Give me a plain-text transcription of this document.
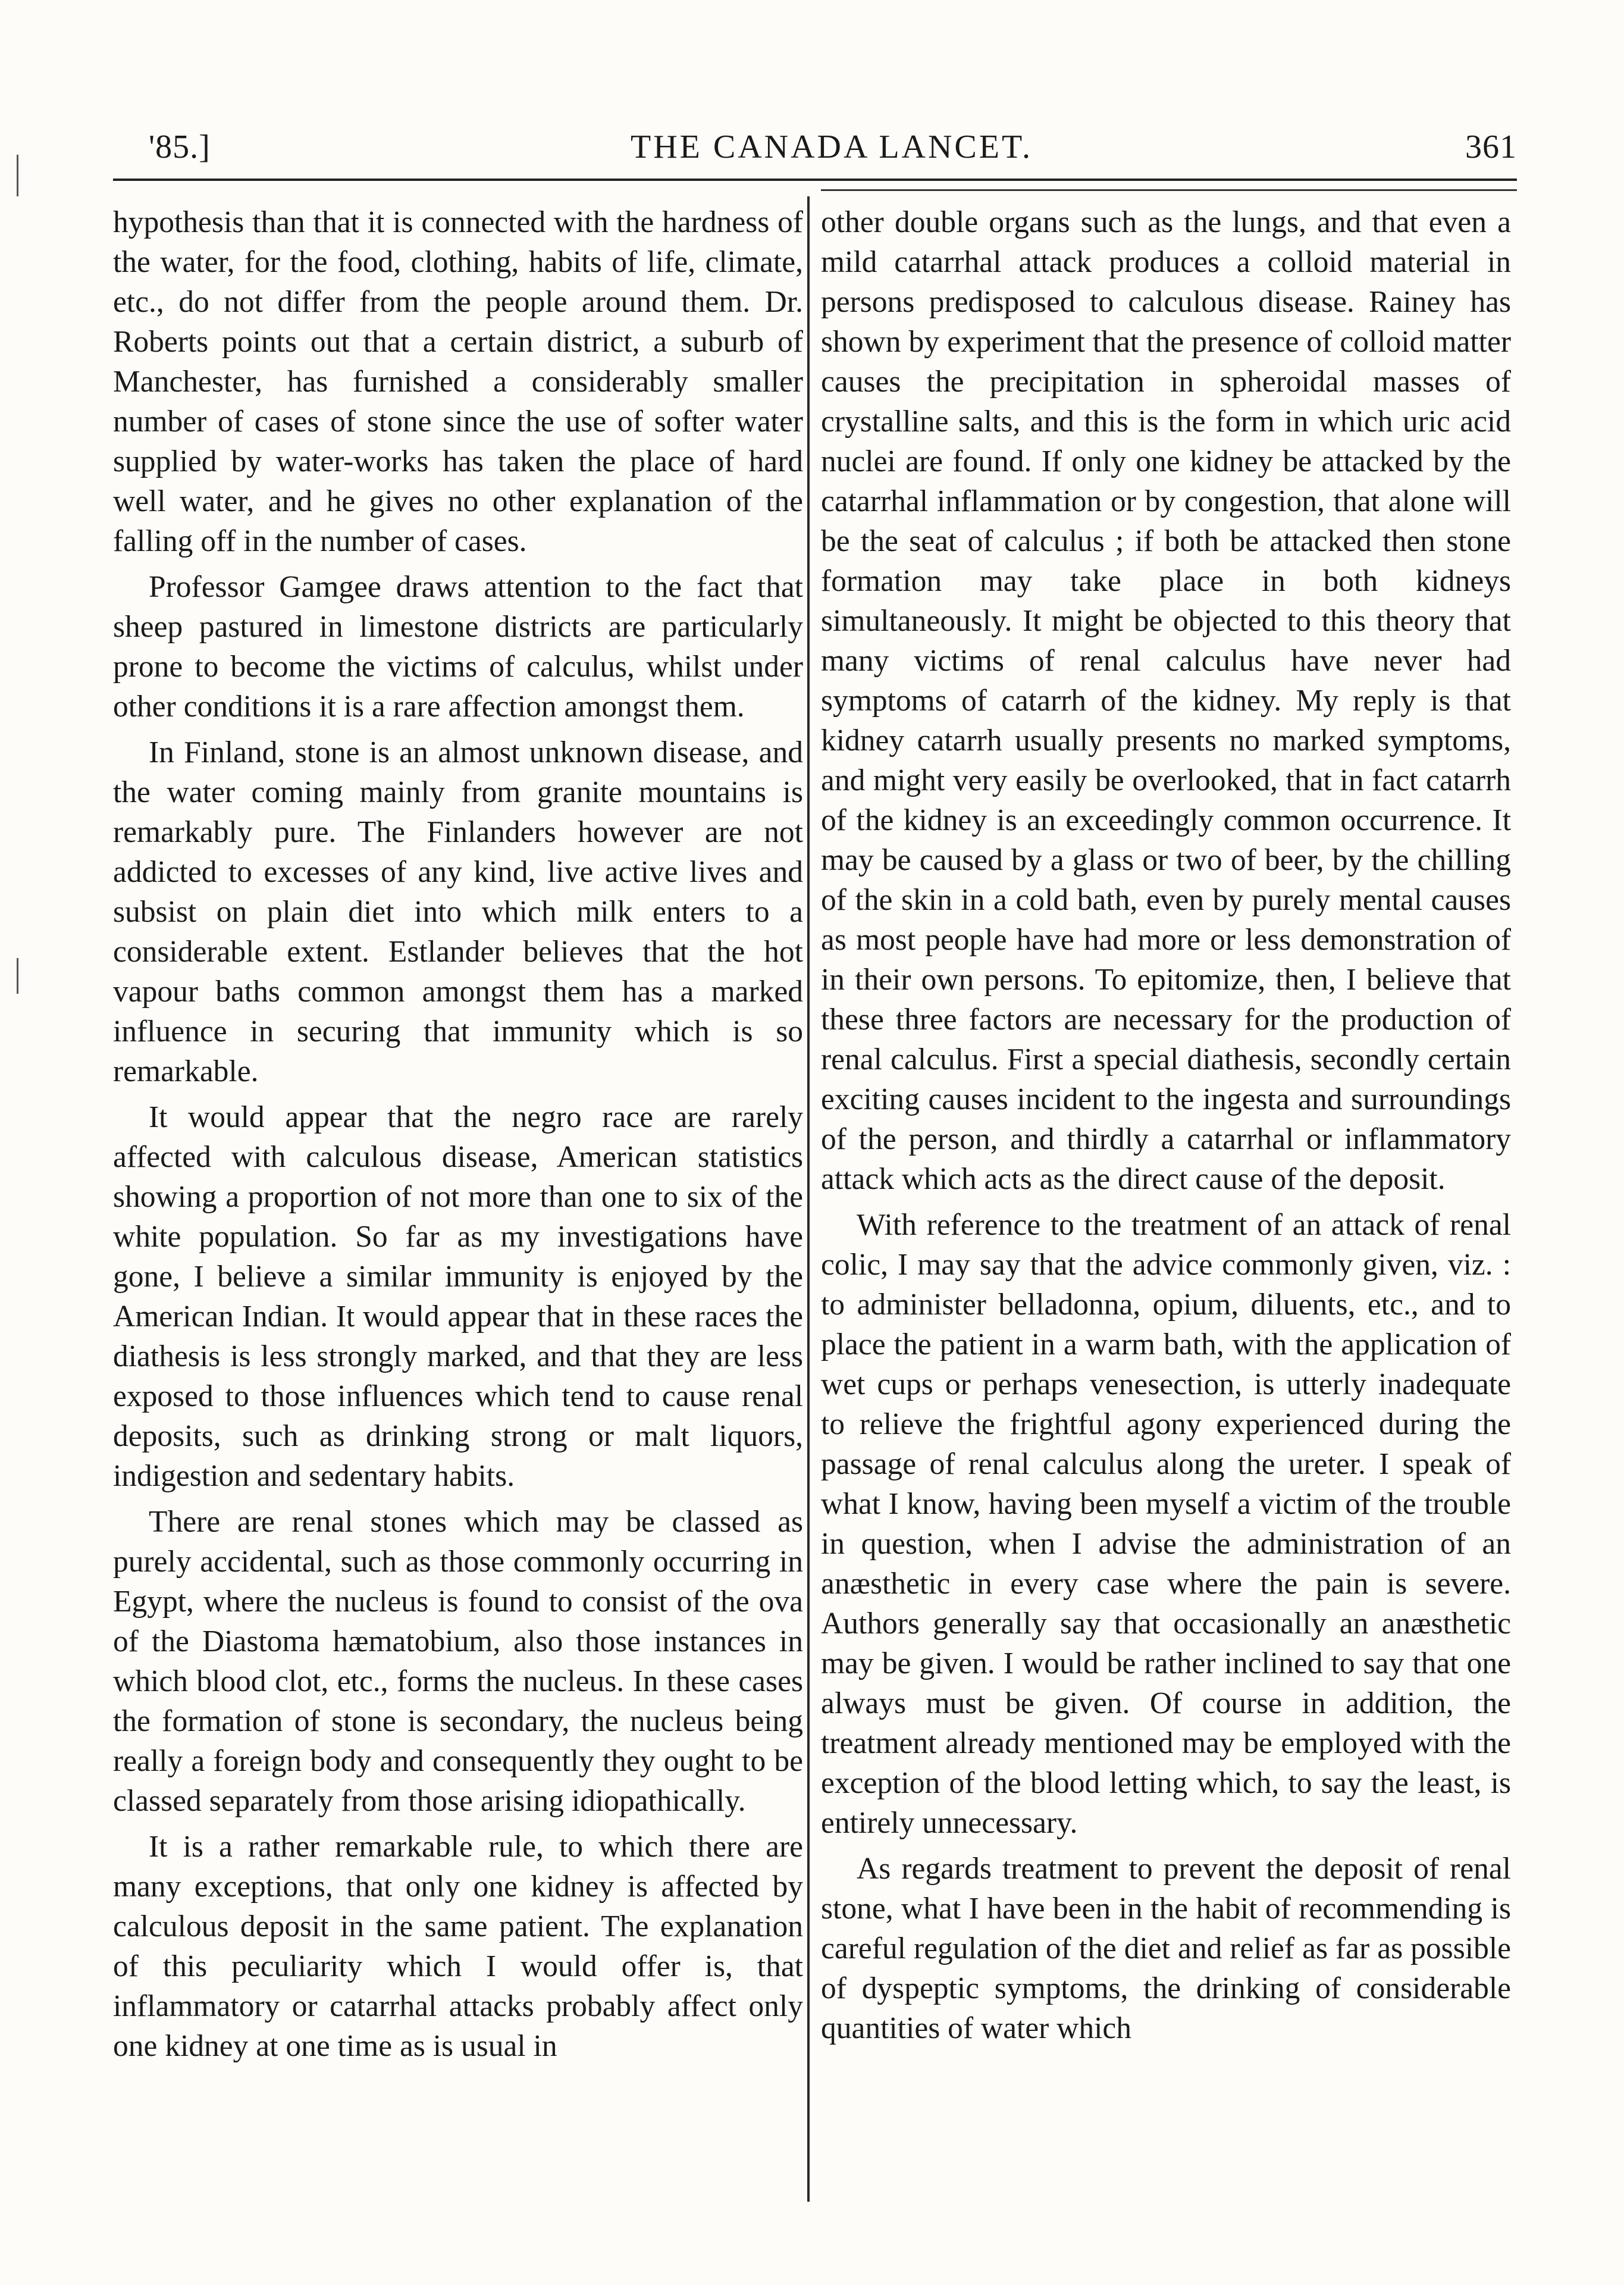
'85.]	THE CANADA LANCET.	361

hypothesis than that it is connected with the hardness of the water, for the food, clothing, habits of life, climate, etc., do not differ from the people around them. Dr. Roberts points out that a certain district, a suburb of Manchester, has furnished a considerably smaller number of cases of stone since the use of softer water supplied by water-works has taken the place of hard well water, and he gives no other explanation of the falling off in the number of cases.

Professor Gamgee draws attention to the fact that sheep pastured in limestone districts are particularly prone to become the victims of calculus, whilst under other conditions it is a rare affection amongst them.

In Finland, stone is an almost unknown disease, and the water coming mainly from granite mountains is remarkably pure. The Finlanders however are not addicted to excesses of any kind, live active lives and subsist on plain diet into which milk enters to a considerable extent. Estlander believes that the hot vapour baths common amongst them has a marked influence in securing that immunity which is so remarkable.

It would appear that the negro race are rarely affected with calculous disease, American statistics showing a proportion of not more than one to six of the white population. So far as my investigations have gone, I believe a similar immunity is enjoyed by the American Indian. It would appear that in these races the diathesis is less strongly marked, and that they are less exposed to those influences which tend to cause renal deposits, such as drinking strong or malt liquors, indigestion and sedentary habits.

There are renal stones which may be classed as purely accidental, such as those commonly occurring in Egypt, where the nucleus is found to consist of the ova of the Diastoma hæmatobium, also those instances in which blood clot, etc., forms the nucleus. In these cases the formation of stone is secondary, the nucleus being really a foreign body and consequently they ought to be classed separately from those arising idiopathically.

It is a rather remarkable rule, to which there are many exceptions, that only one kidney is affected by calculous deposit in the same patient. The explanation of this peculiarity which I would offer is, that inflammatory or catarrhal attacks probably affect only one kidney at one time as is usual in

other double organs such as the lungs, and that even a mild catarrhal attack produces a colloid material in persons predisposed to calculous disease. Rainey has shown by experiment that the presence of colloid matter causes the precipitation in spheroidal masses of crystalline salts, and this is the form in which uric acid nuclei are found. If only one kidney be attacked by the catarrhal inflammation or by congestion, that alone will be the seat of calculus ; if both be attacked then stone formation may take place in both kidneys simultaneously. It might be objected to this theory that many victims of renal calculus have never had symptoms of catarrh of the kidney. My reply is that kidney catarrh usually presents no marked symptoms, and might very easily be overlooked, that in fact catarrh of the kidney is an exceedingly common occurrence. It may be caused by a glass or two of beer, by the chilling of the skin in a cold bath, even by purely mental causes as most people have had more or less demonstration of in their own persons. To epitomize, then, I believe that these three factors are necessary for the production of renal calculus. First a special diathesis, secondly certain exciting causes incident to the ingesta and surroundings of the person, and thirdly a catarrhal or inflammatory attack which acts as the direct cause of the deposit.

With reference to the treatment of an attack of renal colic, I may say that the advice commonly given, viz. : to administer belladonna, opium, diluents, etc., and to place the patient in a warm bath, with the application of wet cups or perhaps venesection, is utterly inadequate to relieve the frightful agony experienced during the passage of renal calculus along the ureter. I speak of what I know, having been myself a victim of the trouble in question, when I advise the administration of an anæsthetic in every case where the pain is severe. Authors generally say that occasionally an anæsthetic may be given. I would be rather inclined to say that one always must be given. Of course in addition, the treatment already mentioned may be employed with the exception of the blood letting which, to say the least, is entirely unnecessary.

As regards treatment to prevent the deposit of renal stone, what I have been in the habit of recommending is careful regulation of the diet and relief as far as possible of dyspeptic symptoms, the drinking of considerable quantities of water which
